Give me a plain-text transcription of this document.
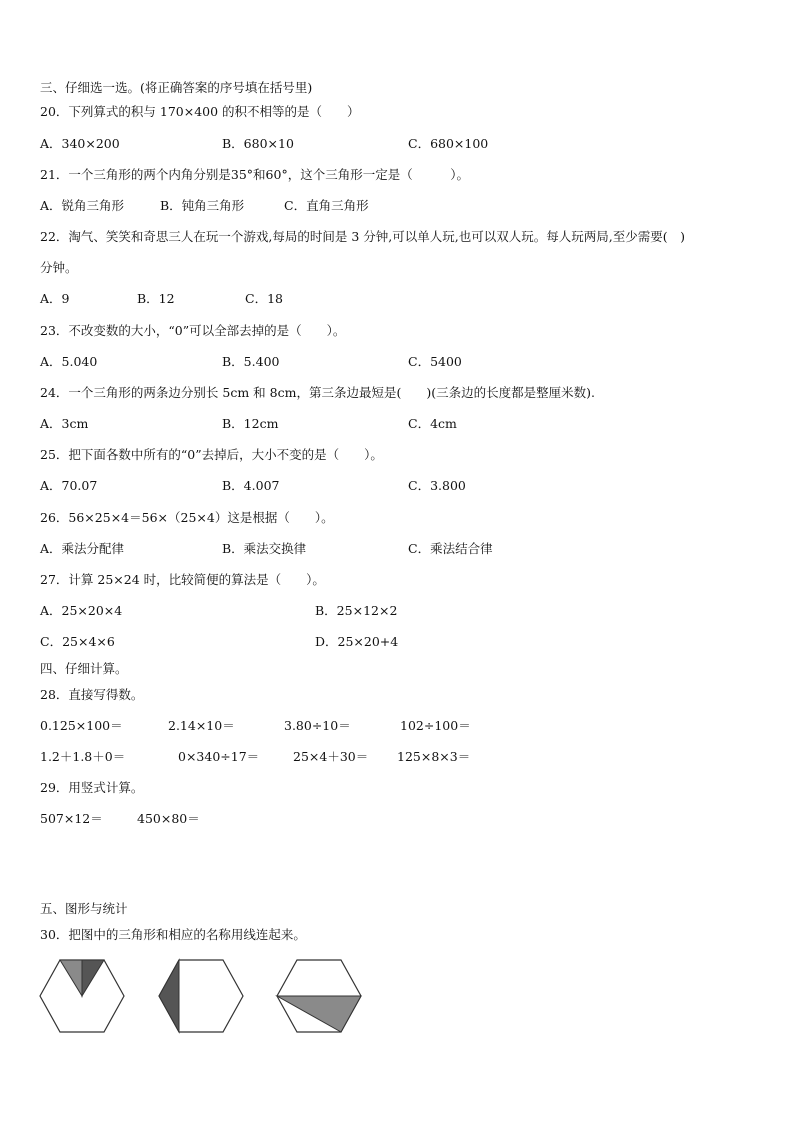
三、仔细选一选。(将正确答案的序号填在括号里)
20．下列算式的积与 170×400 的积不相等的是（　　）
A．340×200	B．680×10	C．680×100
21．一个三角形的两个内角分别是35°和60°，这个三角形一定是（　　　）。
A．锐角三角形	B．钝角三角形	C．直角三角形
22．淘气、笑笑和奇思三人在玩一个游戏,每局的时间是 3 分钟,可以单人玩,也可以双人玩。每人玩两局,至少需要(　)
分钟。
A．9	B．12	C．18
23．不改变数的大小，“0”可以全部去掉的是（　　）。
A．5.040	B．5.400	C．5400
24．一个三角形的两条边分别长 5cm 和 8cm，第三条边最短是(　　)(三条边的长度都是整厘米数).
A．3cm	B．12cm	C．4cm
25．把下面各数中所有的“0”去掉后，大小不变的是（　　）。
A．70.07	B．4.007	C．3.800
26．56×25×4＝56×（25×4）这是根据（　　）。
A．乘法分配律	B．乘法交换律	C．乘法结合律
27．计算 25×24 时，比较简便的算法是（　　）。
A．25×20×4	B．25×12×2
C．25×4×6	D．25×20+4
四、仔细计算。
28．直接写得数。
0.125×100＝	2.14×10＝	3.80÷10＝	102÷100＝
1.2＋1.8＋0＝	0×340÷17＝	25×4＋30＝ 125×8×3＝
29．用竖式计算。
507×12＝	450×80＝
五、图形与统计
30．把图中的三角形和相应的名称用线连起来。
